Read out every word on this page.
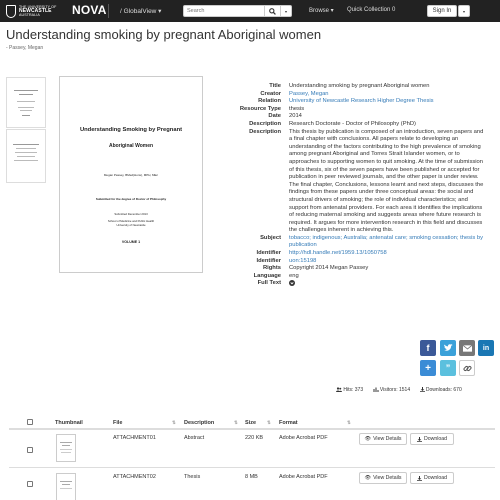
THE UNIVERSITY OF
NEWCASTLE
AUSTRALIA	NOVA / GlobalView ▾
Search	▾	Browse ▾ Quick Collection 0	Sign In	▾
Understanding smoking by pregnant Aboriginal women
- Passey, Megan
Understanding Smoking by Pregnant
Aboriginal Women
Megan Passey, BMed(Hons), MPH, MEc
Submitted for the degree of Doctor of Philosophy
Submitted December 2013
School of Medicine and Public Health
University of Newcastle
VOLUME 1
Title	Understanding smoking by pregnant Aboriginal women
Creator	Passey, Megan
Relation	University of Newcastle Research Higher Degree Thesis
Resource Type	thesis
Date	2014
Description	Research Doctorate - Doctor of Philosophy (PhD)
Description	This thesis by publication is composed of an introduction, seven papers and a final chapter with conclusions. All papers relate to developing an understanding of the factors contributing to the high prevalence of smoking among pregnant Aboriginal and Torres Strait Islander women, or to approaches to supporting women to quit smoking. At the time of submission of this thesis, six of the seven papers have been published or accepted for publication in peer reviewed journals, and the other paper is under review. The final chapter, Conclusions, lessons learnt and next steps, discusses the findings from these papers under three conceptual areas: the social and structural drivers of smoking; the role of individual characteristics; and support from antenatal providers. For each area it identifies the implications of reducing maternal smoking and suggests areas where future research is required. It argues for more intervention research in this field and discusses the challenges inherent in achieving this.
Subject	tobacco; indigenous; Australia; antenatal care; smoking cessation; thesis by publication
Identifier	http://hdl.handle.net/1959.13/1050758
Identifier	uon:15198
Rights	Copyright 2014 Megan Passey
Language	eng
Full Text
f	in
+ ”
Hits: 373	Visitors: 1514	Downloads: 670
Thumbnail	File	⇅ Description	⇅ Size ⇅ Format	⇅
ATTACHMENT01	Abstract	220 KB	Adobe Acrobat PDF	👁 View Details	Download
ATTACHMENT02	Thesis	8 MB	Adobe Acrobat PDF	👁 View Details	Download
